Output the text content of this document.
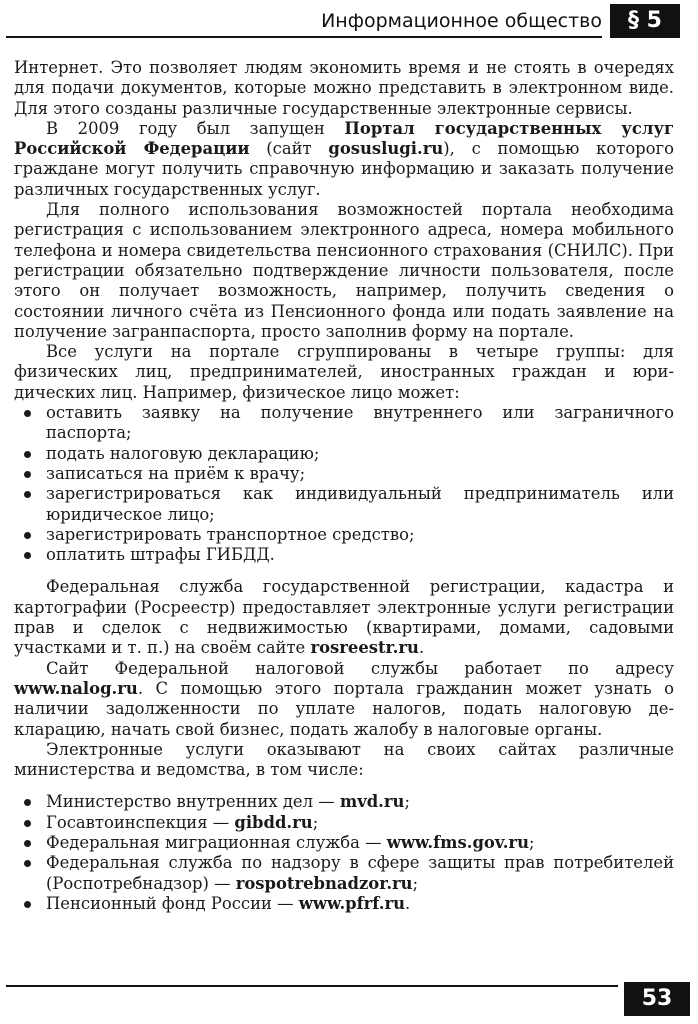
Информационное общество	§ 5

Интернет. Это позволяет людям экономить время и не стоять в очередях для подачи документов, которые можно представить в электронном виде. Для этого созданы различные государственные электронные сервисы.

В 2009 году был запущен Портал государственных услуг Российской Федерации (сайт gosuslugi.ru), с помощью которого граждане могут получить справочную информацию и заказать получение различных государственных услуг.

Для полного использования возможностей портала необходима регистрация с использованием электронного адреса, номера мобильного телефона и номера свидетельства пенсионного страхования (СНИЛС). При регистрации обязательно подтверждение личности пользователя, после этого он получает возможность, например, получить сведения о состоянии личного счёта из Пенсионного фонда или подать заявление на получение загранпаспорта, просто заполнив форму на портале.

Все услуги на портале сгруппированы в четыре группы: для физических лиц, предпринимателей, иностранных граждан и юридических лиц. Например, физическое лицо может:

оставить заявку на получение внутреннего или заграничного паспорта;
подать налоговую декларацию;
записаться на приём к врачу;
зарегистрироваться как индивидуальный предприниматель или юридическое лицо;
зарегистрировать транспортное средство;
оплатить штрафы ГИБДД.

Федеральная служба государственной регистрации, кадастра и картографии (Росреестр) предоставляет электронные услуги регистрации прав и сделок с недвижимостью (квартирами, домами, садовыми участками и т. п.) на своём сайте rosreestr.ru.

Сайт Федеральной налоговой службы работает по адресу www.nalog.ru. С помощью этого портала гражданин может узнать о наличии задолженности по уплате налогов, подать налоговую декларацию, начать свой бизнес, подать жалобу в налоговые органы.

Электронные услуги оказывают на своих сайтах различные министерства и ведомства, в том числе:

Министерство внутренних дел — mvd.ru;
Госавтоинспекция — gibdd.ru;
Федеральная миграционная служба — www.fms.gov.ru;
Федеральная служба по надзору в сфере защиты прав потребителей (Роспотребнадзор) — rospotrebnadzor.ru;
Пенсионный фонд России — www.pfrf.ru.
53
